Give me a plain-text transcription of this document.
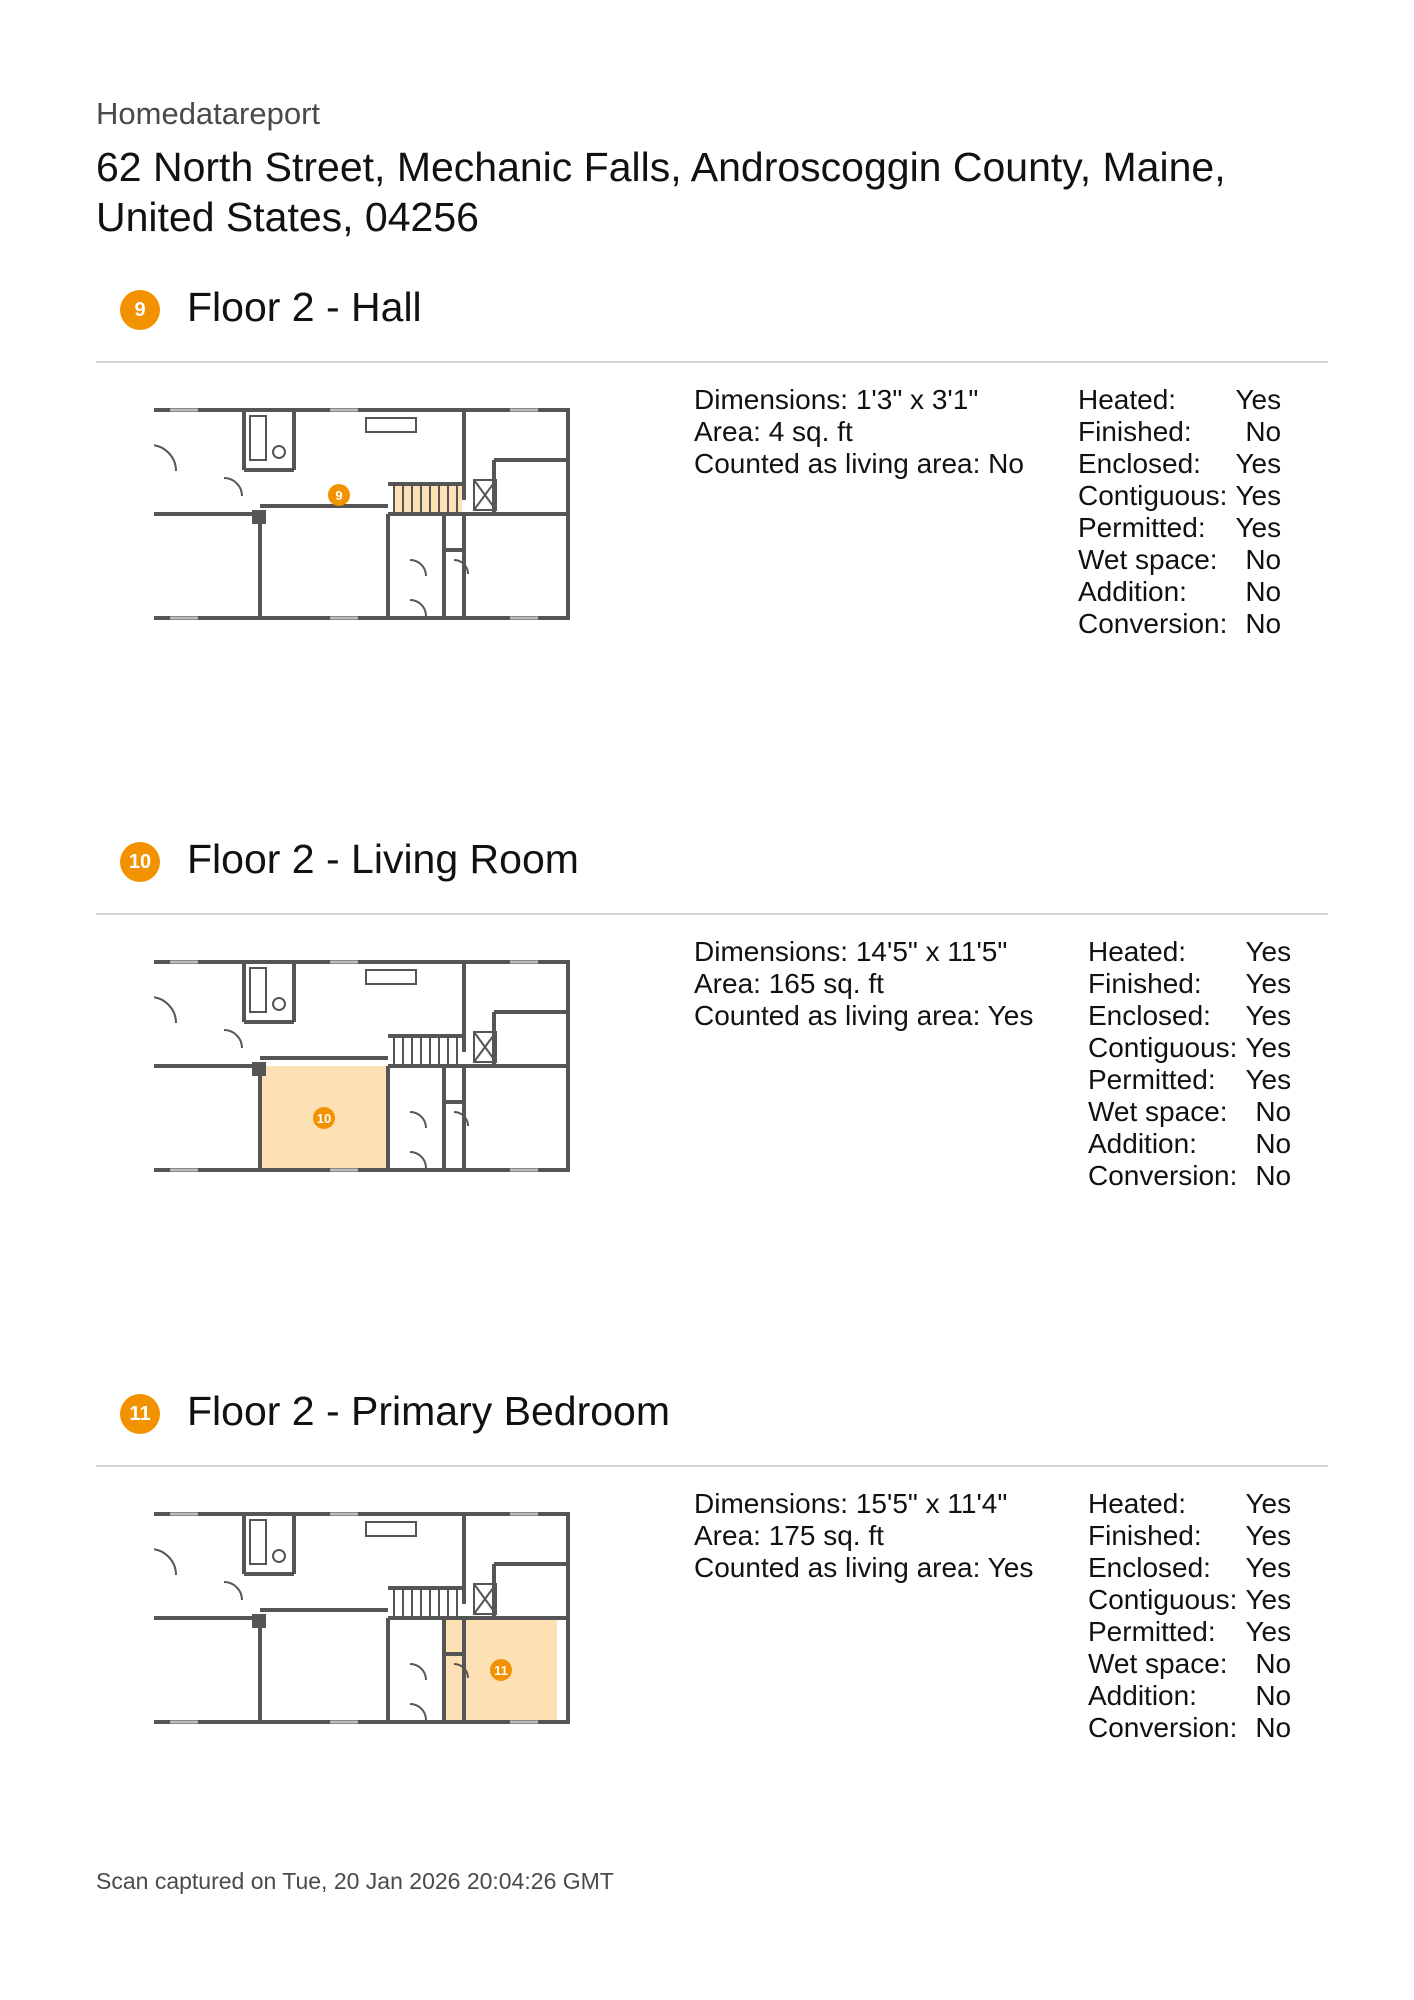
Homedatareport
62 North Street, Mechanic Falls, Androscoggin County, Maine, United States, 04256
9	Floor 2 - Hall
9
Dimensions: 1'3" x 3'1"
Area: 4 sq. ft
Counted as living area: No
Heated:	Yes
Finished:	No
Enclosed:	Yes
Contiguous: Yes
Permitted:	Yes
Wet space: No
Addition:	No
Conversion: No
10 Floor 2 - Living Room
10
Dimensions: 14'5" x 11'5"
Area: 165 sq. ft
Counted as living area: Yes
Heated:	Yes
Finished:	Yes
Enclosed:	Yes
Contiguous: Yes
Permitted:	Yes
Wet space: No
Addition:	No
Conversion: No
11 Floor 2 - Primary Bedroom
11
Dimensions: 15'5" x 11'4"
Area: 175 sq. ft
Counted as living area: Yes
Heated:	Yes
Finished:	Yes
Enclosed:	Yes
Contiguous: Yes
Permitted:	Yes
Wet space: No
Addition:	No
Conversion: No
Scan captured on Tue, 20 Jan 2026 20:04:26 GMT
